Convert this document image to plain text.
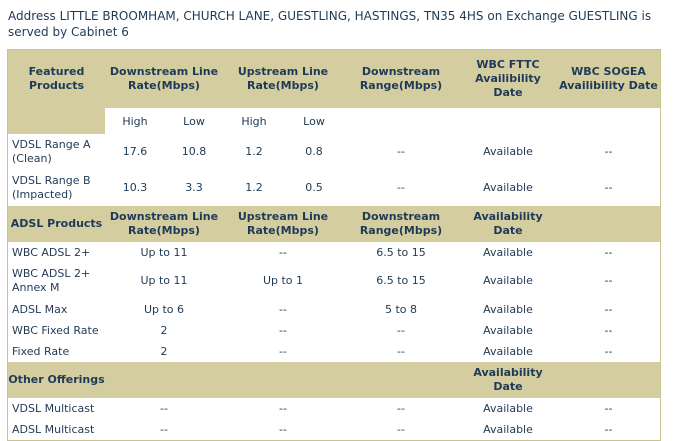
Address LITTLE BROOMHAM, CHURCH LANE, GUESTLING, HASTINGS, TN35 4HS on Exchange GUESTLING is served by Cabinet 6
Featured Products	Downstream Line Rate(Mbps)		Upstream Line Rate(Mbps)		Downstream Range(Mbps)	WBC FTTC Availibility Date	WBC SOGEA Availibility Date
	High	Low	High	Low			
VDSL Range A (Clean)	17.6	10.8	1.2	0.8	--	Available	--
VDSL Range B (Impacted)	10.3	3.3	1.2	0.5	--	Available	--
ADSL Products	Downstream Line Rate(Mbps)		Upstream Line Rate(Mbps)		Downstream Range(Mbps)	Availability Date	
WBC ADSL 2+	Up to 11		--		6.5 to 15	Available	--
WBC ADSL 2+ Annex M	Up to 11		Up to 1		6.5 to 15	Available	--
ADSL Max	Up to 6		--		5 to 8	Available	--
WBC Fixed Rate	2		--		--	Available	--
Fixed Rate	2		--		--	Available	--
Other Offerings						Availability Date	
VDSL Multicast	--		--		--	Available	--
ADSL Multicast	--		--		--	Available	--
